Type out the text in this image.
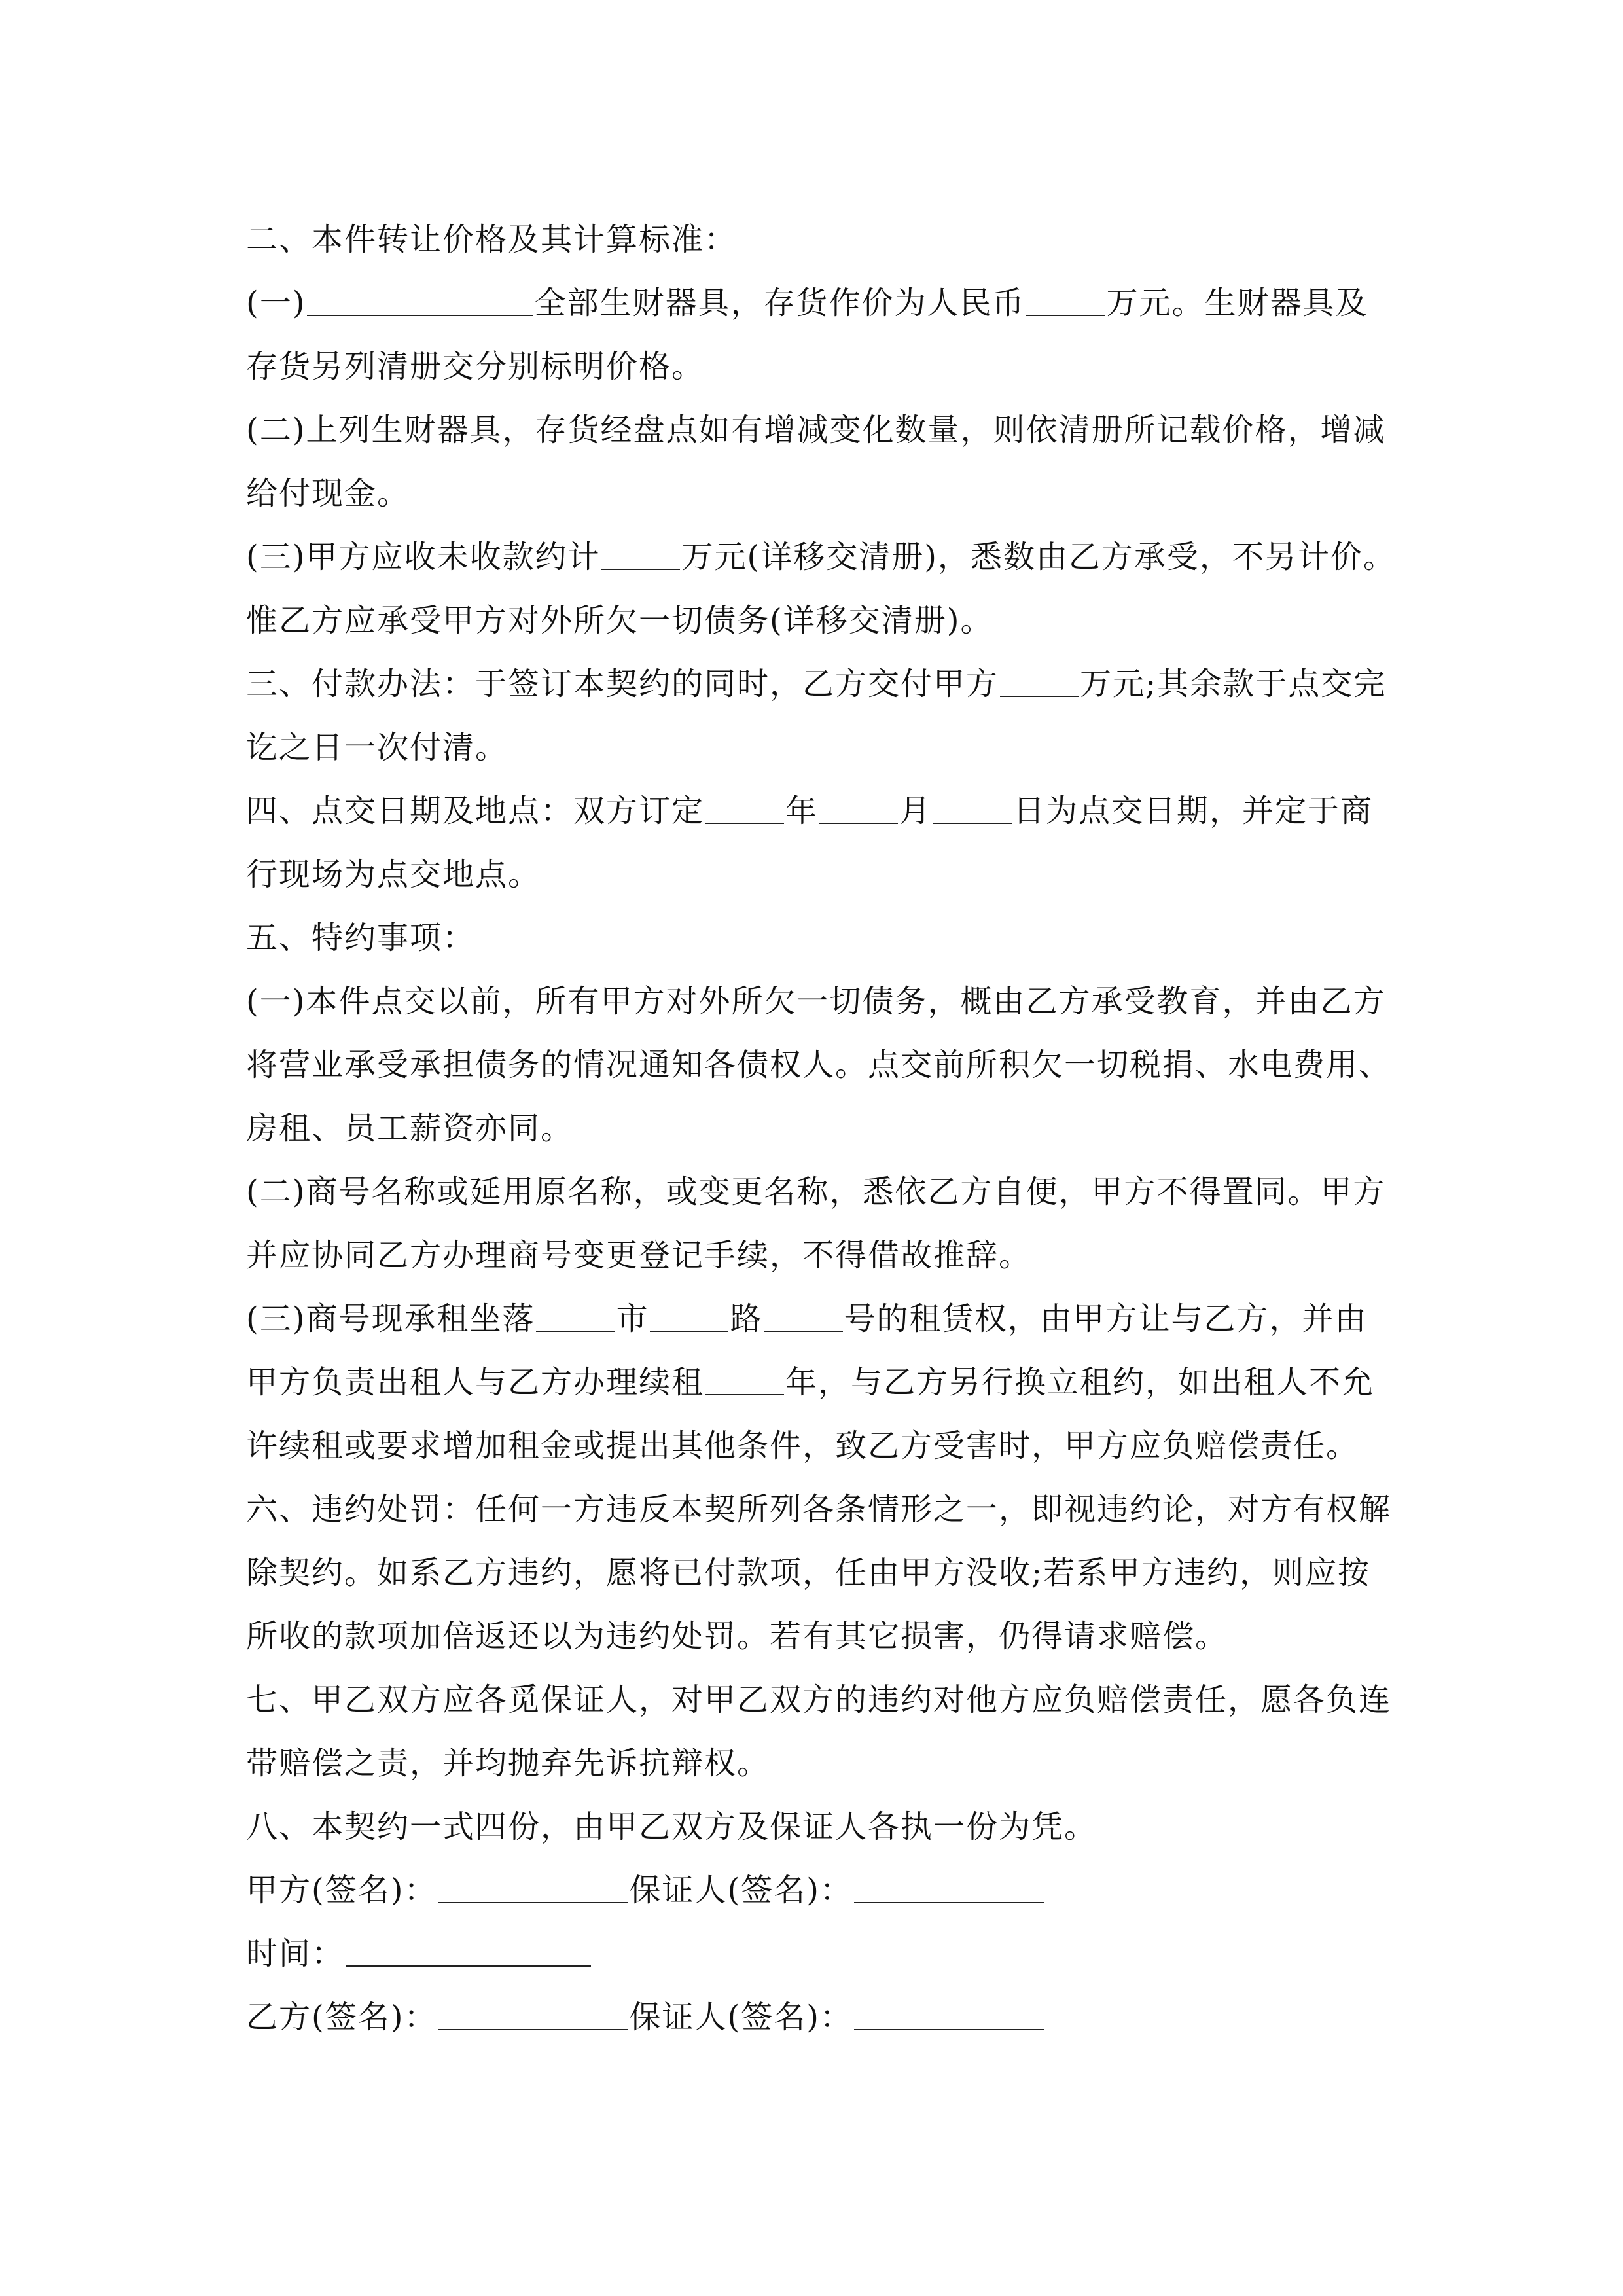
二、本件转让价格及其计算标准：
(一)	全部生财器具，存货作价为人民币	万元。生财器具及
存货另列清册交分别标明价格。
(二)上列生财器具，存货经盘点如有增减变化数量，则依清册所记载价格，增减
给付现金。
(三)甲方应收未收款约计	万元(详移交清册)，悉数由乙方承受，不另计价。
惟乙方应承受甲方对外所欠一切债务(详移交清册)。
三、付款办法：于签订本契约的同时，乙方交付甲方	万元;其余款于点交完
讫之日一次付清。
四、点交日期及地点：双方订定	年	月	日为点交日期，并定于商
行现场为点交地点。
五、特约事项：
(一)本件点交以前，所有甲方对外所欠一切债务，概由乙方承受教育，并由乙方
将营业承受承担债务的情况通知各债权人。点交前所积欠一切税捐、水电费用、
房租、员工薪资亦同。
(二)商号名称或延用原名称，或变更名称，悉依乙方自便，甲方不得置同。甲方
并应协同乙方办理商号变更登记手续，不得借故推辞。
(三)商号现承租坐落	市	路	号的租赁权，由甲方让与乙方，并由
甲方负责出租人与乙方办理续租	年，与乙方另行换立租约，如出租人不允
许续租或要求增加租金或提出其他条件，致乙方受害时，甲方应负赔偿责任。
六、违约处罚：任何一方违反本契所列各条情形之一，即视违约论，对方有权解
除契约。如系乙方违约，愿将已付款项，任由甲方没收;若系甲方违约，则应按
所收的款项加倍返还以为违约处罚。若有其它损害，仍得请求赔偿。
七、甲乙双方应各觅保证人，对甲乙双方的违约对他方应负赔偿责任，愿各负连
带赔偿之责，并均抛弃先诉抗辩权。
八、本契约一式四份，由甲乙双方及保证人各执一份为凭。
甲方(签名)：	保证人(签名)：
时间：
乙方(签名)：	保证人(签名)：
